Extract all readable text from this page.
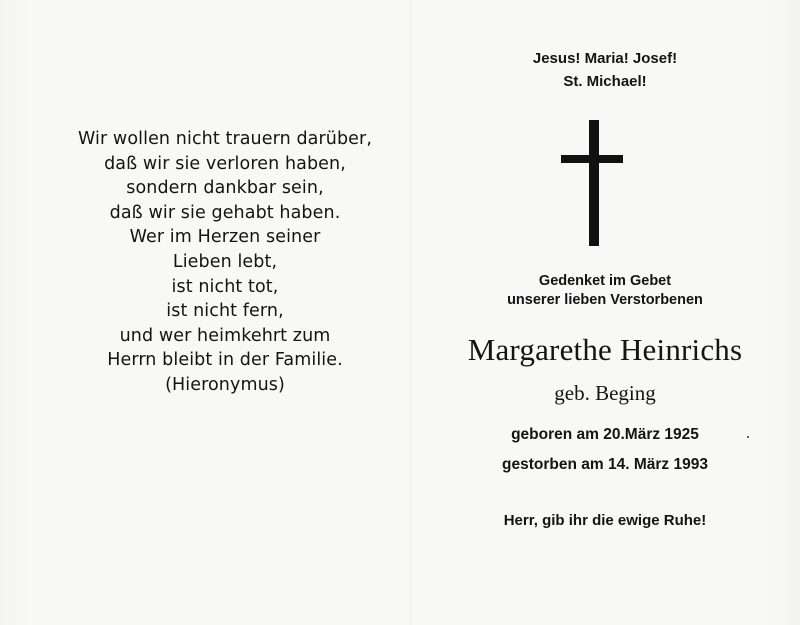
Wir wollen nicht trauern darüber,
daß wir sie verloren haben,
sondern dankbar sein,
daß wir sie gehabt haben.
Wer im Herzen seiner
Lieben lebt,
ist nicht tot,
ist nicht fern,
und wer heimkehrt zum
Herrn bleibt in der Familie.
(Hieronymus)
Jesus! Maria! Josef!
St. Michael!
Gedenket im Gebet
unserer lieben Verstorbenen
Margarethe Heinrichs
geb. Beging
geboren am 20.März 1925
gestorben am 14. März 1993
Herr, gib ihr die ewige Ruhe!
